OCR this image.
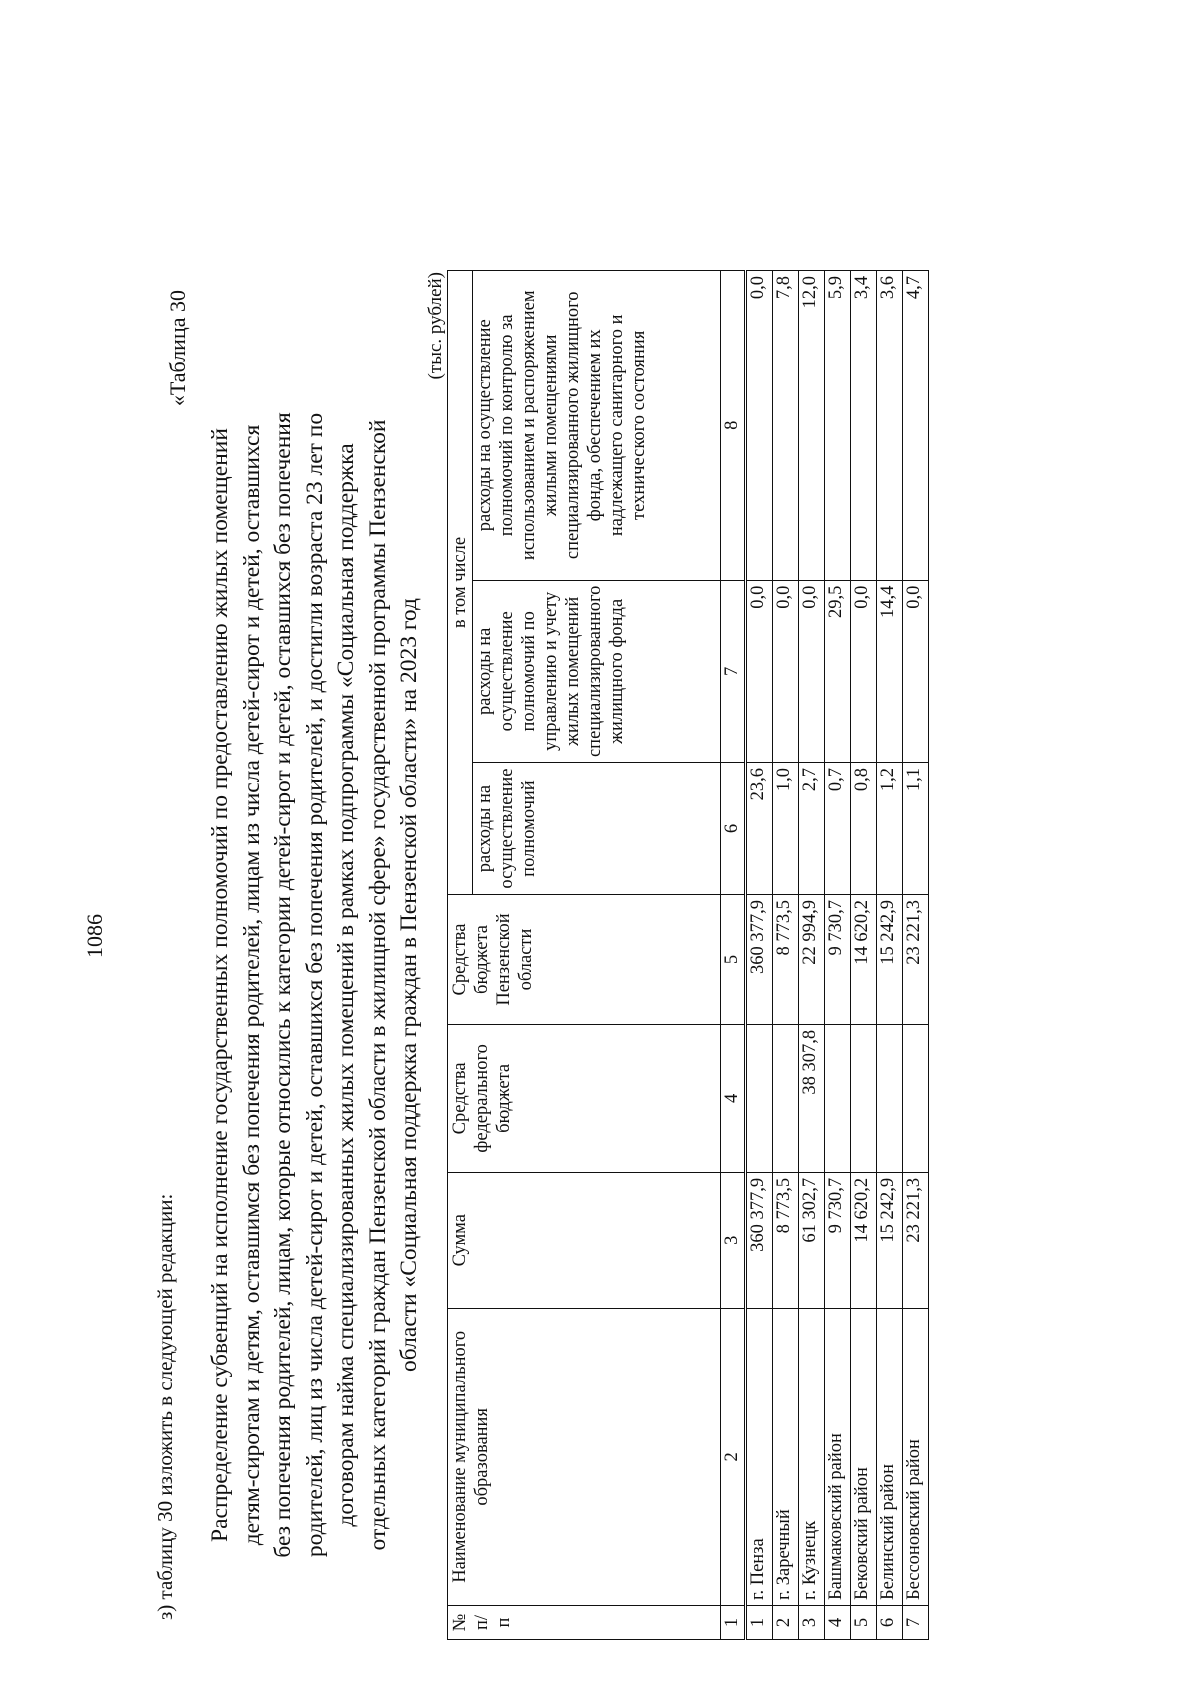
1086
з) таблицу 30 изложить в следующей редакции:
«Таблица 30
Распределение субвенций на исполнение государственных полномочий по предоставлению жилых помещений детям-сиротам и детям, оставшимся без попечения родителей, лицам из числа детей-сирот и детей, оставшихся без попечения родителей, лицам, которые относились к категории детей-сирот и детей, оставшихся без попечения родителей, лиц из числа детей-сирот и детей, оставшихся без попечения родителей, и достигли возраста 23 лет по договорам найма специализированных жилых помещений в рамках подпрограммы «Социальная поддержка отдельных категорий граждан Пензенской области в жилищной сфере» государственной программы Пензенской области «Социальная поддержка граждан в Пензенской области» на 2023 год
(тыс. рублей)
№ п/п	Наименование муниципального образования	Сумма	Средства федерального бюджета	Средства бюджета Пензенской области	в том числе		
					расходы на осуществление полномочий	расходы на осуществление полномочий по управлению и учету жилых помещений специализированного жилищного фонда	расходы на осуществление полномочий по контролю за использованием и распоряжением жилыми помещениями специализированного жилищного фонда, обеспечением их надлежащего санитарного и технического состояния
1	2	3	4	5	6	7	8
1	г. Пенза	360 377,9		360 377,9	23,6	0,0	0,0
2	г. Заречный	8 773,5		8 773,5	1,0	0,0	7,8
3	г. Кузнецк	61 302,7	38 307,8	22 994,9	2,7	0,0	12,0
4	Башмаковский район	9 730,7		9 730,7	0,7	29,5	5,9
5	Бековский район	14 620,2		14 620,2	0,8	0,0	3,4
6	Белинский район	15 242,9		15 242,9	1,2	14,4	3,6
7	Бессоновский район	23 221,3		23 221,3	1,1	0,0	4,7
